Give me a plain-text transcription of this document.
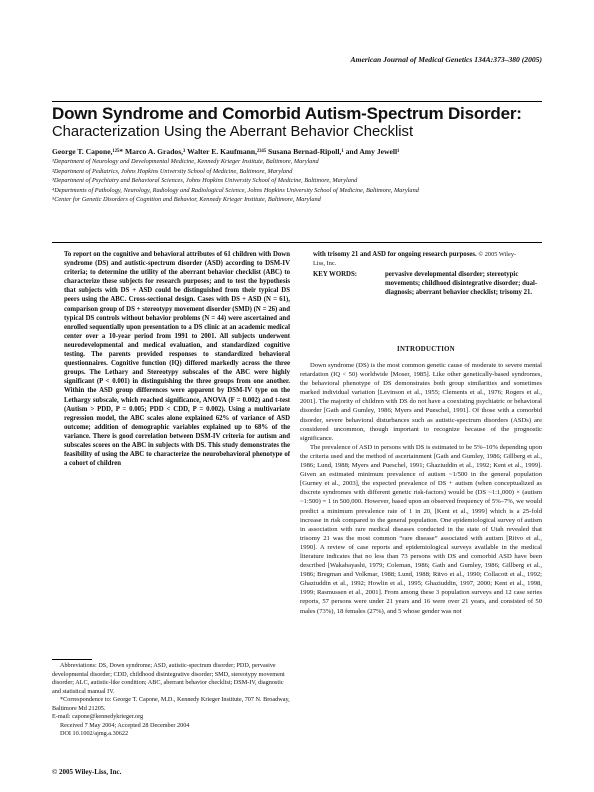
American Journal of Medical Genetics 134A:373–380 (2005)
Down Syndrome and Comorbid Autism-Spectrum Disorder:
Characterization Using the Aberrant Behavior Checklist
George T. Capone,¹²⁵* Marco A. Grados,³ Walter E. Kaufmann,²³⁴⁵ Susana Bernad-Ripoll,¹ and Amy Jewell¹

¹Department of Neurology and Developmental Medicine, Kennedy Krieger Institute, Baltimore, Maryland

²Department of Pediatrics, Johns Hopkins University School of Medicine, Baltimore, Maryland

³Department of Psychiatry and Behavioral Sciences, Johns Hopkins University School of Medicine, Baltimore, Maryland

⁴Departments of Pathology, Neurology, Radiology and Radiological Science, Johns Hopkins University School of Medicine, Baltimore, Maryland

⁵Center for Genetic Disorders of Cognition and Behavior, Kennedy Krieger Institute, Baltimore, Maryland

To report on the cognitive and behavioral attributes of 61 children with Down syndrome (DS) and autistic-spectrum disorder (ASD) according to DSM-IV criteria; to determine the utility of the aberrant behavior checklist (ABC) to characterize these subjects for research purposes; and to test the hypothesis that subjects with DS + ASD could be distinguished from their typical DS peers using the ABC. Cross-sectional design. Cases with DS + ASD (N = 61), comparison group of DS + stereotypy movement disorder (SMD) (N = 26) and typical DS controls without behavior problems (N = 44) were ascertained and enrolled sequentially upon presentation to a DS clinic at an academic medical center over a 10-year period from 1991 to 2001. All subjects underwent neurodevelopmental and medical evaluation, and standardized cognitive testing. The parents provided responses to standardized behavioral questionnaires. Cognitive function (IQ) differed markedly across the three groups. The Lethary and Stereotypy subscales of the ABC were highly significant (P < 0.001) in distinguishing the three groups from one another. Within the ASD group differences were apparent by DSM-IV type on the Lethargy subscale, which reached significance, ANOVA (F = 0.002) and t-test (Autism > PDD, P = 0.005; PDD < CDD, P = 0.002). Using a multivariate regression model, the ABC scales alone explained 62% of variance of ASD outcome; addition of demographic variables explained up to 68% of the variance. There is good correlation between DSM-IV criteria for autism and subscales scores on the ABC in subjects with DS. This study demonstrates the feasibility of using the ABC to characterize the neurobehavioral phenotype of a cohort of children
with trisomy 21 and ASD for ongoing research purposes. © 2005 Wiley-Liss, Inc.
KEY WORDS:	pervasive developmental disorder; stereotypic movements; childhood disintegrative disorder; dual-diagnosis; aberrant behavior checklist; trisomy 21.
INTRODUCTION

Down syndrome (DS) is the most common genetic cause of moderate to severe mental retardation (IQ < 50) worldwide [Moser, 1985]. Like other genetically-based syndromes, the behavioral phenotype of DS demonstrates both group similarities and sometimes marked individual variation [Levinson et al., 1955; Clements et al., 1976; Rogers et al., 2001]. The majority of children with DS do not have a coexisting psychiatric or behavioral disorder [Gath and Gumley, 1986; Myers and Pueschel, 1991]. Of those with a comorbid disorder, severe behavioral disturbances such as autistic-spectrum disorders (ASDs) are considered uncommon, though important to recognize because of the prognostic significance.

The prevalence of ASD in persons with DS is estimated to be 5%–10% depending upon the criteria used and the method of ascertainment [Gath and Gumley, 1986; Gillberg et al., 1986; Lund, 1988; Myers and Pueschel, 1991; Ghaziuddin et al., 1992; Kent et al., 1999]. Given an estimated minimum prevalence of autism ~1/500 in the general population [Gurney et al., 2003], the expected prevalence of DS + autism (when conceptualized as discrete syndromes with different genetic risk-factors) would be (DS ~1:1,000) × (autism ~1:500) = 1 in 500,000. However, based upon an observed frequency of 5%–7%, we would predict a minimum prevalence rate of 1 in 20, [Kent et al., 1999] which is a 25-fold increase in risk compared to the general population. One epidemiological survey of autism in association with rare medical diseases conducted in the state of Utah revealed that trisomy 21 was the most common “rare disease” associated with autism [Ritvo et al., 1990]. A review of case reports and epidemiological surveys available in the medical literature indicates that no less than 73 persons with DS and comorbid ASD have been described [Wakabayashi, 1979; Coleman, 1986; Gath and Gumley, 1986; Gillberg et al., 1986; Bregman and Volkmar, 1988; Lund, 1988; Ritvo et al., 1990; Collacott et al., 1992; Ghaziuddin et al., 1992; Howlin et al., 1995; Ghaziuddin, 1997, 2000; Kent et al., 1998, 1999; Rasmussen et al., 2001]. From among these 3 population surveys and 12 case series reports, 57 persons were under 21 years and 16 were over 21 years, and consisted of 50 males (73%), 18 females (27%), and 5 whose gender was not

Abbreviations: DS, Down syndrome; ASD, autistic-spectrum disorder; PDD, pervasive developmental disorder; CDD, childhood disintegrative disorder; SMD, stereotypy movement disorder; ALC, autistic-like condition; ABC, aberrant behavior checklist; DSM-IV, diagnostic and statistical manual IV.

*Correspondence to: George T. Capone, M.D., Kennedy Krieger Institute, 707 N. Broadway, Baltimore Md 21205.

E-mail: capone@kennedykrieger.org

Received 7 May 2004; Accepted 28 December 2004

DOI 10.1002/ajmg.a.30622

© 2005 Wiley-Liss, Inc.
